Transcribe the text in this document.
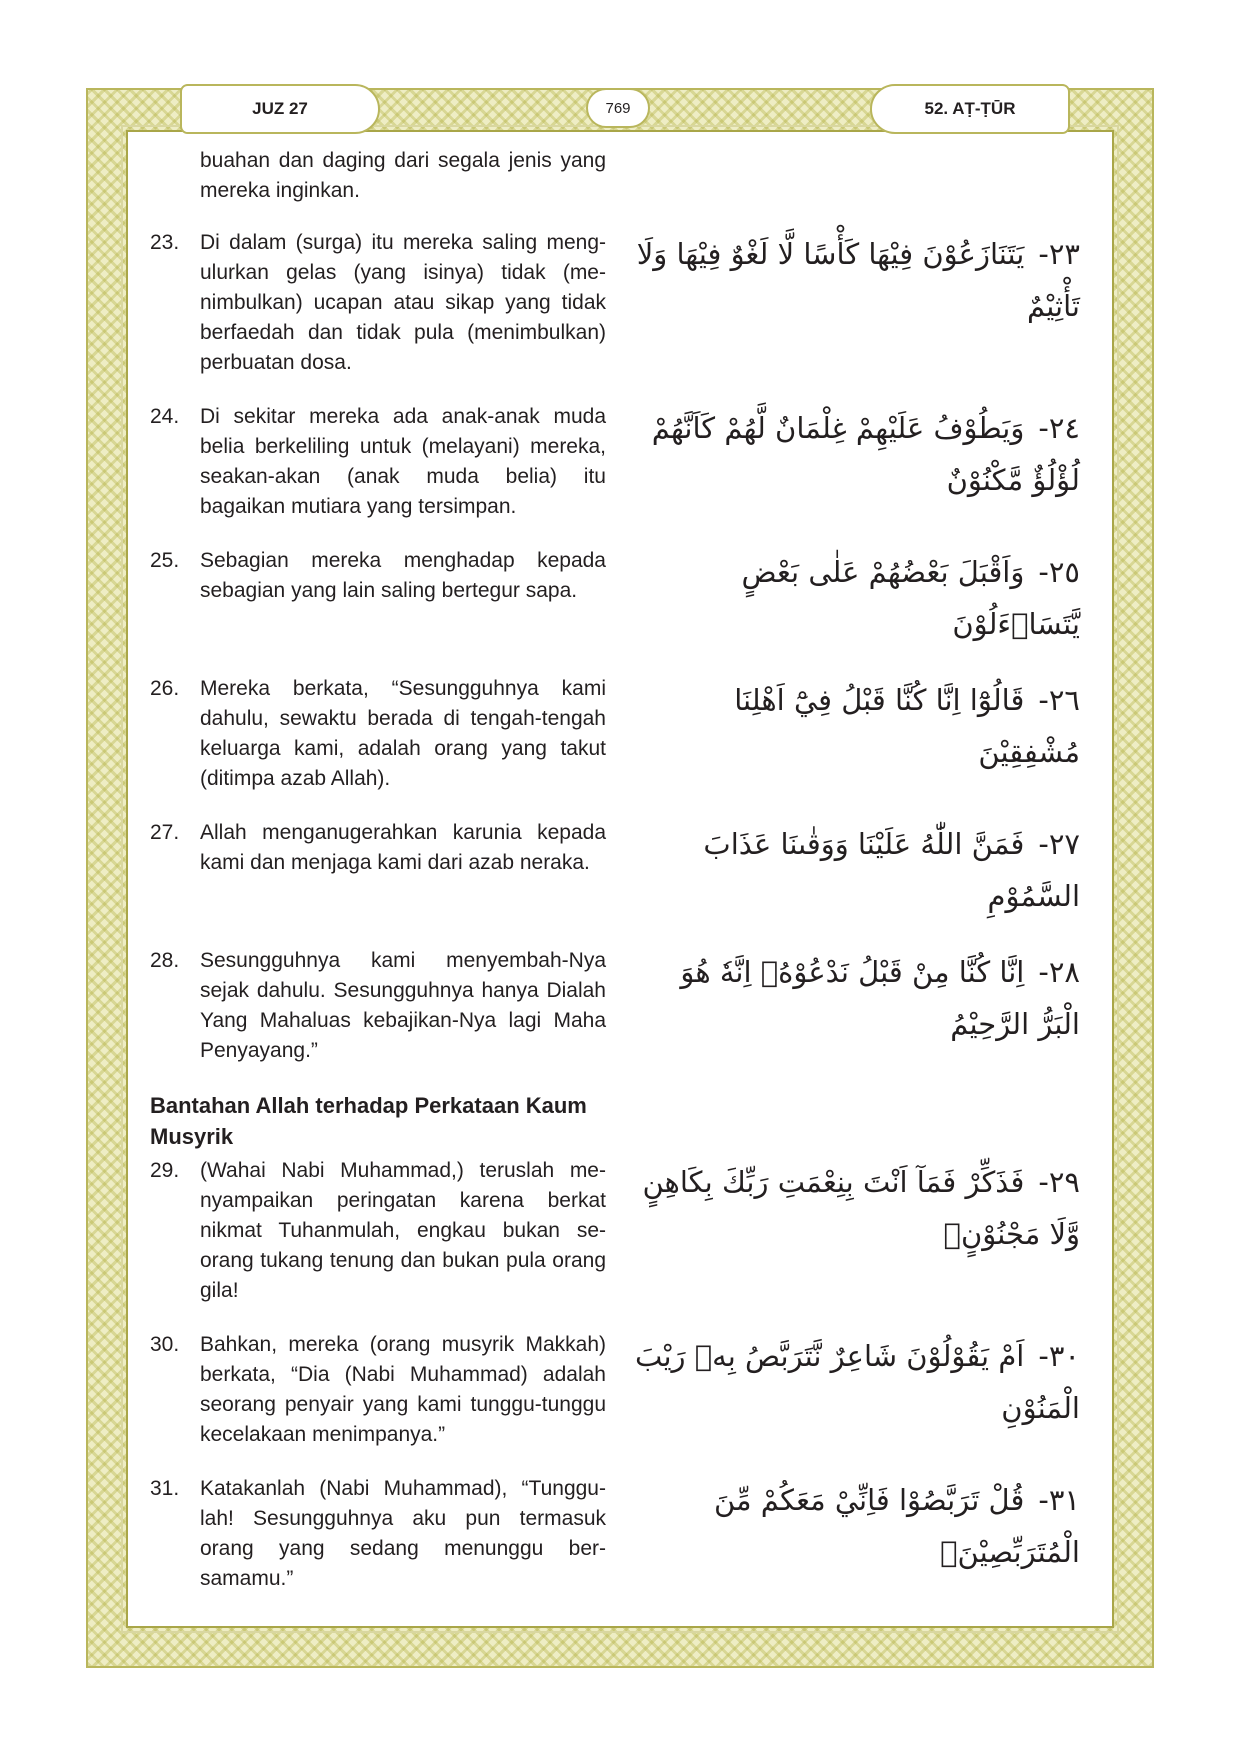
JUZ 27	769	52. AṬ-ṬŪR
buahan dan daging dari segala jenis yang mereka inginkan.
23. Di dalam (surga) itu mereka saling mengulurkan gelas (yang isinya) tidak (menimbulkan) ucapan atau sikap yang tidak berfaedah dan tidak pula (menimbulkan) perbuatan dosa.
٢٣-يَتَنَازَعُوْنَ فِيْهَا كَأْسًا لَّا لَغْوٌ فِيْهَا وَلَا تَأْثِيْمٌ
24. Di sekitar mereka ada anak-anak muda belia berkeliling untuk (melayani) mereka, seakan-akan (anak muda belia) itu bagaikan mutiara yang tersimpan.
٢٤-وَيَطُوْفُ عَلَيْهِمْ غِلْمَانٌ لَّهُمْ كَاَنَّهُمْ لُؤْلُؤٌ مَّكْنُوْنٌ
25. Sebagian mereka menghadap kepada sebagian yang lain saling bertegur sapa.
٢٥-وَاَقْبَلَ بَعْضُهُمْ عَلٰى بَعْضٍ يَّتَسَاۤءَلُوْنَ
26. Mereka berkata, “Sesungguhnya kami dahulu, sewaktu berada di tengah-tengah keluarga kami, adalah orang yang takut (ditimpa azab Allah).
٢٦-قَالُوْٓا اِنَّا كُنَّا قَبْلُ فِيْٓ اَهْلِنَا مُشْفِقِيْنَ
27. Allah menganugerahkan karunia kepada kami dan menjaga kami dari azab neraka.
٢٧-فَمَنَّ اللّٰهُ عَلَيْنَا وَوَقٰىنَا عَذَابَ السَّمُوْمِ
28. Sesungguhnya kami menyembah-Nya sejak dahulu. Sesungguhnya hanya Dialah Yang Mahaluas kebajikan-Nya lagi Maha Penyayang.”
٢٨-اِنَّا كُنَّا مِنْ قَبْلُ نَدْعُوْهُۗ اِنَّهٗ هُوَ الْبَرُّ الرَّحِيْمُ
Bantahan Allah terhadap Perkataan Kaum Musyrik
29. (Wahai Nabi Muhammad,) teruslah menyampaikan peringatan karena berkat nikmat Tuhanmulah, engkau bukan seorang tukang tenung dan bukan pula orang gila!
٢٩-فَذَكِّرْ فَمَآ اَنْتَ بِنِعْمَتِ رَبِّكَ بِكَاهِنٍ وَّلَا مَجْنُوْنٍۗ
30. Bahkan, mereka (orang musyrik Makkah) berkata, “Dia (Nabi Muhammad) adalah seorang penyair yang kami tunggu-tunggu kecelakaan menimpanya.”
٣٠-اَمْ يَقُوْلُوْنَ شَاعِرٌ نَّتَرَبَّصُ بِهٖ رَيْبَ الْمَنُوْنِ
31. Katakanlah (Nabi Muhammad), “Tunggulah! Sesungguhnya aku pun termasuk orang yang sedang menunggu bersamamu.”
٣١-قُلْ تَرَبَّصُوْا فَاِنِّيْ مَعَكُمْ مِّنَ الْمُتَرَبِّصِيْنَۗ
